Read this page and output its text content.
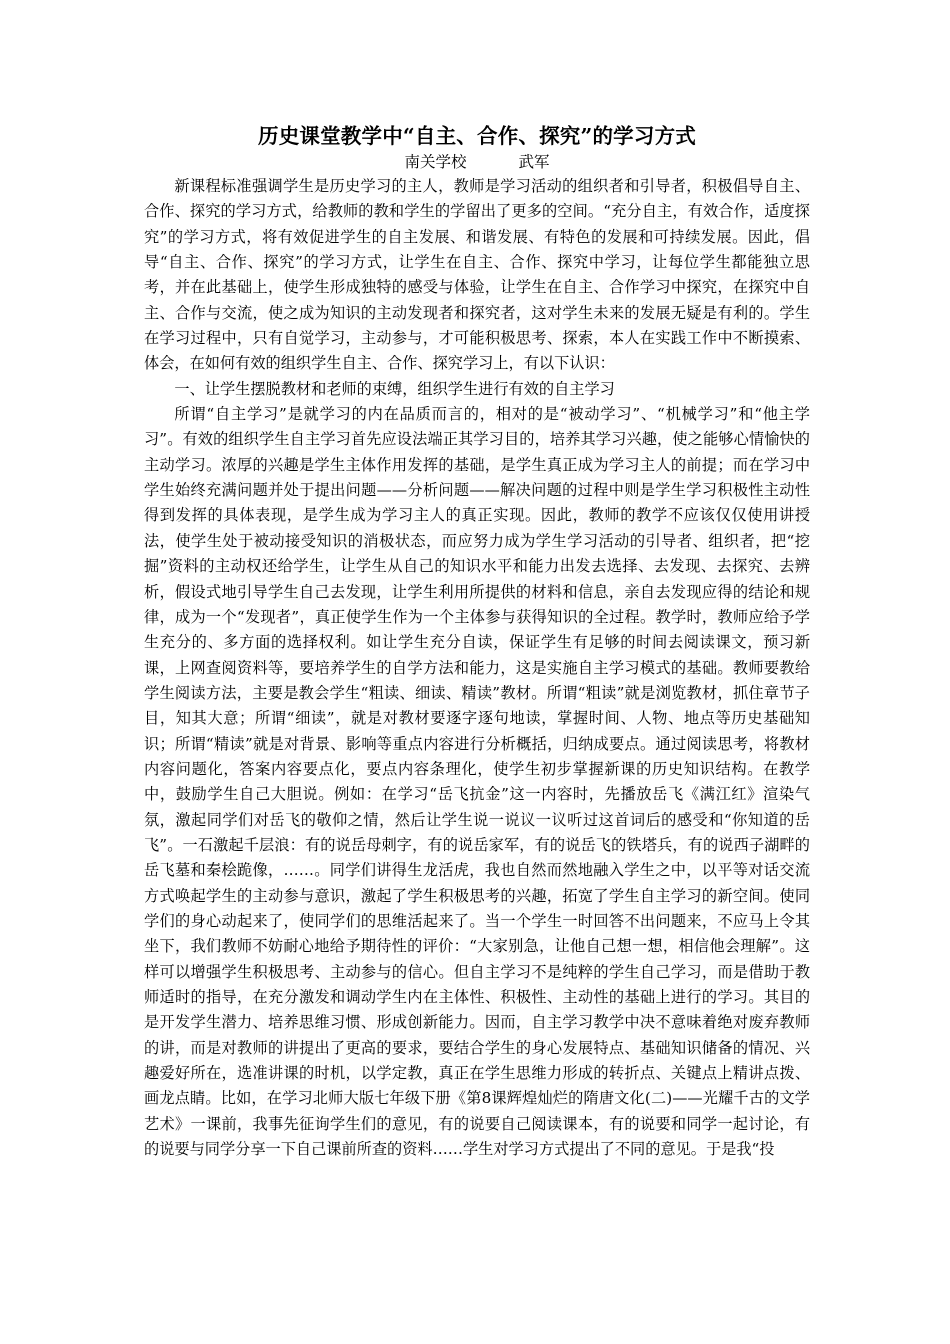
历史课堂教学中“自主、合作、探究”的学习方式

南关学校	武军

新课程标准强调学生是历史学习的主人，教师是学习活动的组织者和引导者，积极倡导自主、合作、探究的学习方式，给教师的教和学生的学留出了更多的空间。“充分自主，有效合作，适度探究”的学习方式，将有效促进学生的自主发展、和谐发展、有特色的发展和可持续发展。因此，倡导“自主、合作、探究”的学习方式，让学生在自主、合作、探究中学习，让每位学生都能独立思考，并在此基础上，使学生形成独特的感受与体验，让学生在自主、合作学习中探究，在探究中自主、合作与交流，使之成为知识的主动发现者和探究者，这对学生未来的发展无疑是有利的。学生在学习过程中，只有自觉学习，主动参与，才可能积极思考、探索，本人在实践工作中不断摸索、体会，在如何有效的组织学生自主、合作、探究学习上，有以下认识：

一、让学生摆脱教材和老师的束缚，组织学生进行有效的自主学习

所谓“自主学习”是就学习的内在品质而言的，相对的是“被动学习”、“机械学习”和“他主学习”。有效的组织学生自主学习首先应设法端正其学习目的，培养其学习兴趣，使之能够心情愉快的主动学习。浓厚的兴趣是学生主体作用发挥的基础，是学生真正成为学习主人的前提；而在学习中学生始终充满问题并处于提出问题——分析问题——解决问题的过程中则是学生学习积极性主动性得到发挥的具体表现，是学生成为学习主人的真正实现。因此，教师的教学不应该仅仅使用讲授法，使学生处于被动接受知识的消极状态，而应努力成为学生学习活动的引导者、组织者，把“挖掘”资料的主动权还给学生，让学生从自己的知识水平和能力出发去选择、去发现、去探究、去辨析，假设式地引导学生自己去发现，让学生利用所提供的材料和信息，亲自去发现应得的结论和规律，成为一个“发现者”，真正使学生作为一个主体参与获得知识的全过程。教学时，教师应给予学生充分的、多方面的选择权利。如让学生充分自读，保证学生有足够的时间去阅读课文，预习新课，上网查阅资料等，要培养学生的自学方法和能力，这是实施自主学习模式的基础。教师要教给学生阅读方法，主要是教会学生“粗读、细读、精读”教材。所谓“粗读”就是浏览教材，抓住章节子目，知其大意；所谓“细读”，就是对教材要逐字逐句地读，掌握时间、人物、地点等历史基础知识；所谓“精读”就是对背景、影响等重点内容进行分析概括，归纳成要点。通过阅读思考，将教材内容问题化，答案内容要点化，要点内容条理化，使学生初步掌握新课的历史知识结构。在教学中，鼓励学生自己大胆说。例如：在学习“岳飞抗金”这一内容时，先播放岳飞《满江红》渲染气氛，激起同学们对岳飞的敬仰之情，然后让学生说一说议一议听过这首词后的感受和“你知道的岳飞”。一石激起千层浪：有的说岳母刺字，有的说岳家军，有的说岳飞的铁塔兵，有的说西子湖畔的岳飞墓和秦桧跪像，……。同学们讲得生龙活虎，我也自然而然地融入学生之中，以平等对话交流方式唤起学生的主动参与意识，激起了学生积极思考的兴趣，拓宽了学生自主学习的新空间。使同学们的身心动起来了，使同学们的思维活起来了。当一个学生一时回答不出问题来，不应马上令其坐下，我们教师不妨耐心地给予期待性的评价：“大家别急，让他自己想一想，相信他会理解”。这样可以增强学生积极思考、主动参与的信心。但自主学习不是纯粹的学生自己学习，而是借助于教师适时的指导，在充分激发和调动学生内在主体性、积极性、主动性的基础上进行的学习。其目的是开发学生潜力、培养思维习惯、形成创新能力。因而，自主学习教学中决不意味着绝对废弃教师的讲，而是对教师的讲提出了更高的要求，要结合学生的身心发展特点、基础知识储备的情况、兴趣爱好所在，选准讲课的时机，以学定教，真正在学生思维力形成的转折点、关键点上精讲点拨、画龙点睛。比如，在学习北师大版七年级下册《第8课辉煌灿烂的隋唐文化(二)——光耀千古的文学艺术》一课前，我事先征询学生们的意见，有的说要自己阅读课本，有的说要和同学一起讨论，有的说要与同学分享一下自己课前所查的资料……学生对学习方式提出了不同的意见。于是我“投
